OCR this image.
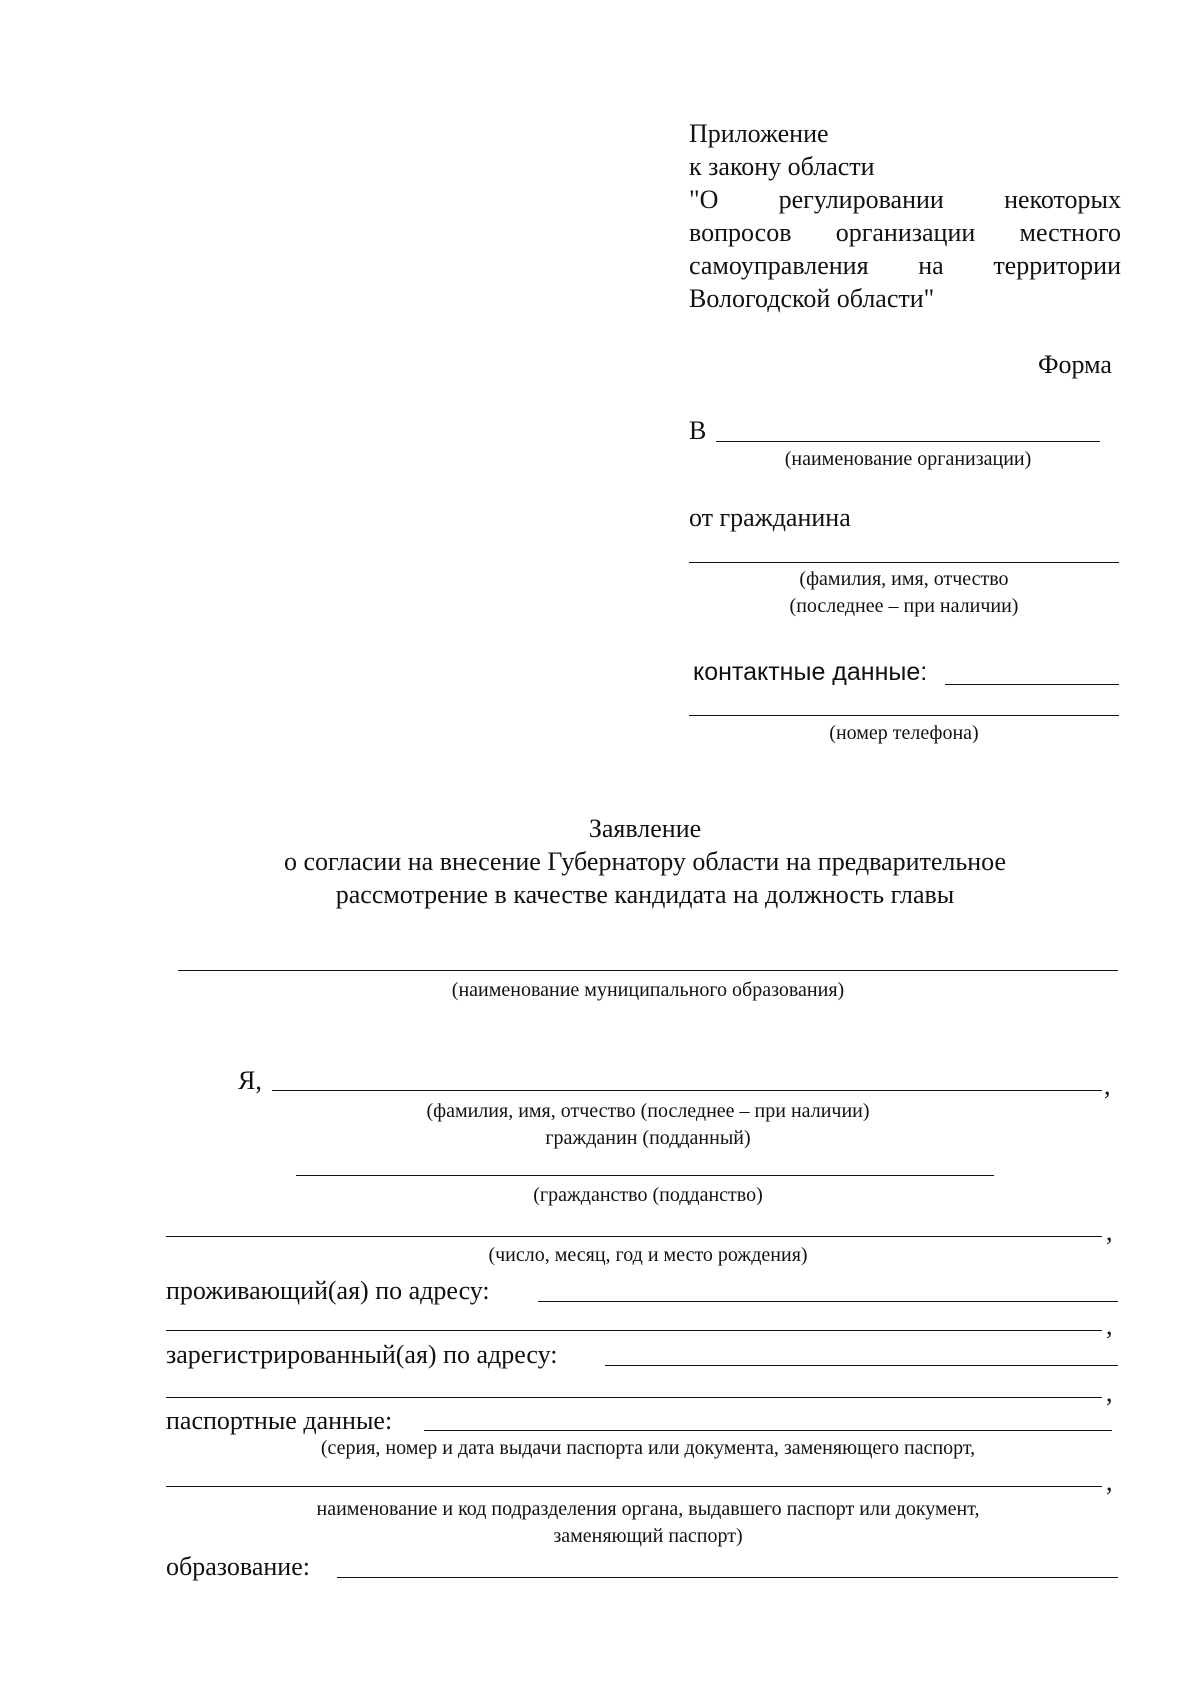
Приложение
к закону области
"О регулировании некоторых
вопросов организации местного
самоуправления на территории
Вологодской области"
Форма
В
(наименование организации)
от гражданина
(фамилия, имя, отчество
(последнее – при наличии)
контактные данные:
(номер телефона)
Заявление
о согласии на внесение Губернатору области на предварительное
рассмотрение в качестве кандидата на должность главы
(наименование муниципального образования)
Я,	,
(фамилия, имя, отчество (последнее – при наличии)
гражданин (подданный)
(гражданство (подданство)
,
(число, месяц, год и место рождения)
проживающий(ая) по адресу:
,
зарегистрированный(ая) по адресу:
,
паспортные данные:
(серия, номер и дата выдачи паспорта или документа, заменяющего паспорт,
,
наименование и код подразделения органа, выдавшего паспорт или документ,
заменяющий паспорт)
образование:
